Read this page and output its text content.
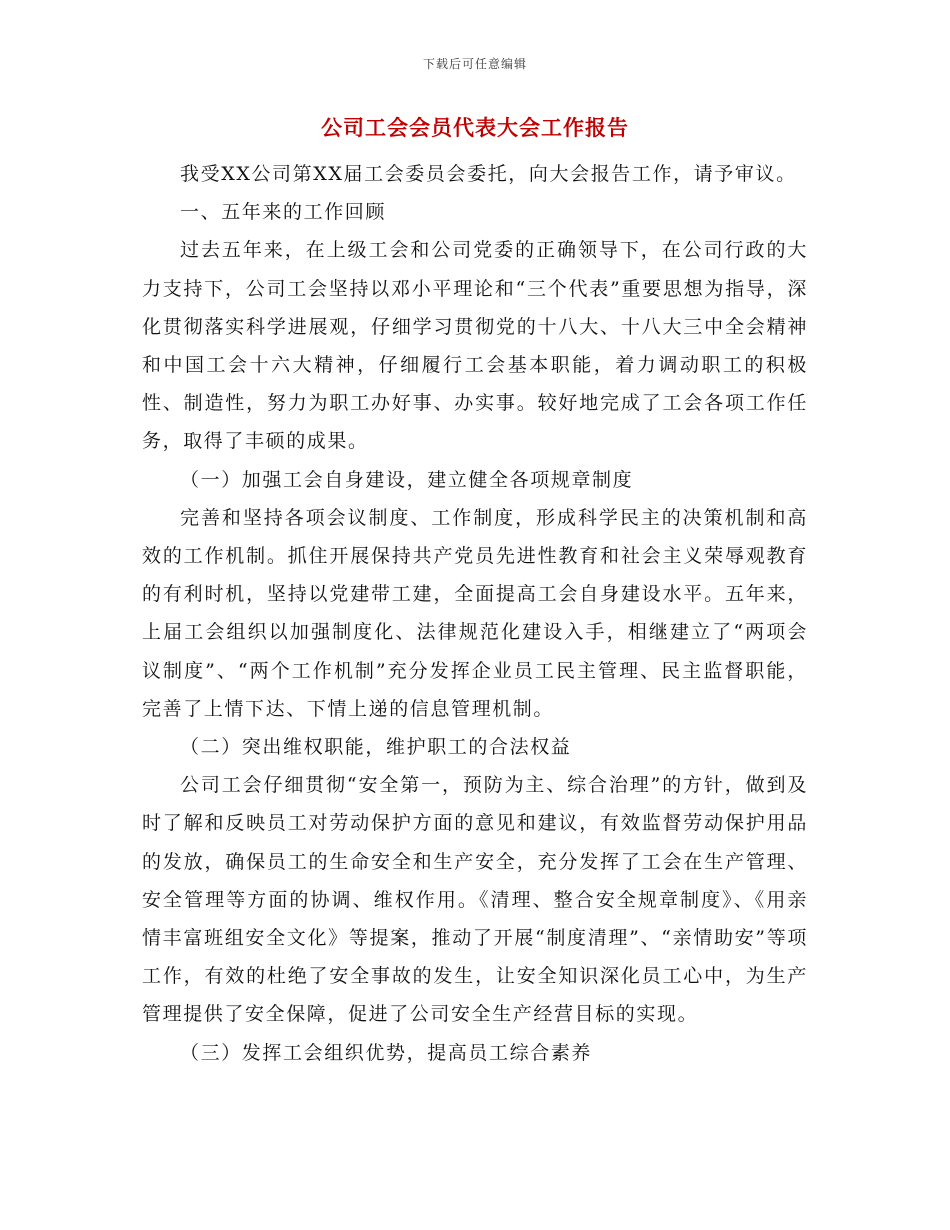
下载后可任意编辑
公司工会会员代表大会工作报告

我受XX公司第XX届工会委员会委托，向大会报告工作，请予审议。

一、五年来的工作回顾

过去五年来，在上级工会和公司党委的正确领导下，在公司行政的大力支持下，公司工会坚持以邓小平理论和“三个代表”重要思想为指导，深化贯彻落实科学进展观，仔细学习贯彻党的十八大、十八大三中全会精神和中国工会十六大精神，仔细履行工会基本职能，着力调动职工的积极性、制造性，努力为职工办好事、办实事。较好地完成了工会各项工作任务，取得了丰硕的成果。

（一）加强工会自身建设，建立健全各项规章制度

完善和坚持各项会议制度、工作制度，形成科学民主的决策机制和高效的工作机制。抓住开展保持共产党员先进性教育和社会主义荣辱观教育的有利时机，坚持以党建带工建，全面提高工会自身建设水平。五年来，上届工会组织以加强制度化、法律规范化建设入手，相继建立了“两项会议制度”、“两个工作机制”充分发挥企业员工民主管理、民主监督职能，完善了上情下达、下情上递的信息管理机制。

（二）突出维权职能，维护职工的合法权益

公司工会仔细贯彻“安全第一，预防为主、综合治理”的方针，做到及时了解和反映员工对劳动保护方面的意见和建议，有效监督劳动保护用品的发放，确保员工的生命安全和生产安全，充分发挥了工会在生产管理、安全管理等方面的协调、维权作用。《清理、整合安全规章制度》、《用亲情丰富班组安全文化》等提案，推动了开展“制度清理”、“亲情助安”等项工作，有效的杜绝了安全事故的发生，让安全知识深化员工心中，为生产管理提供了安全保障，促进了公司安全生产经营目标的实现。

（三）发挥工会组织优势，提高员工综合素养
